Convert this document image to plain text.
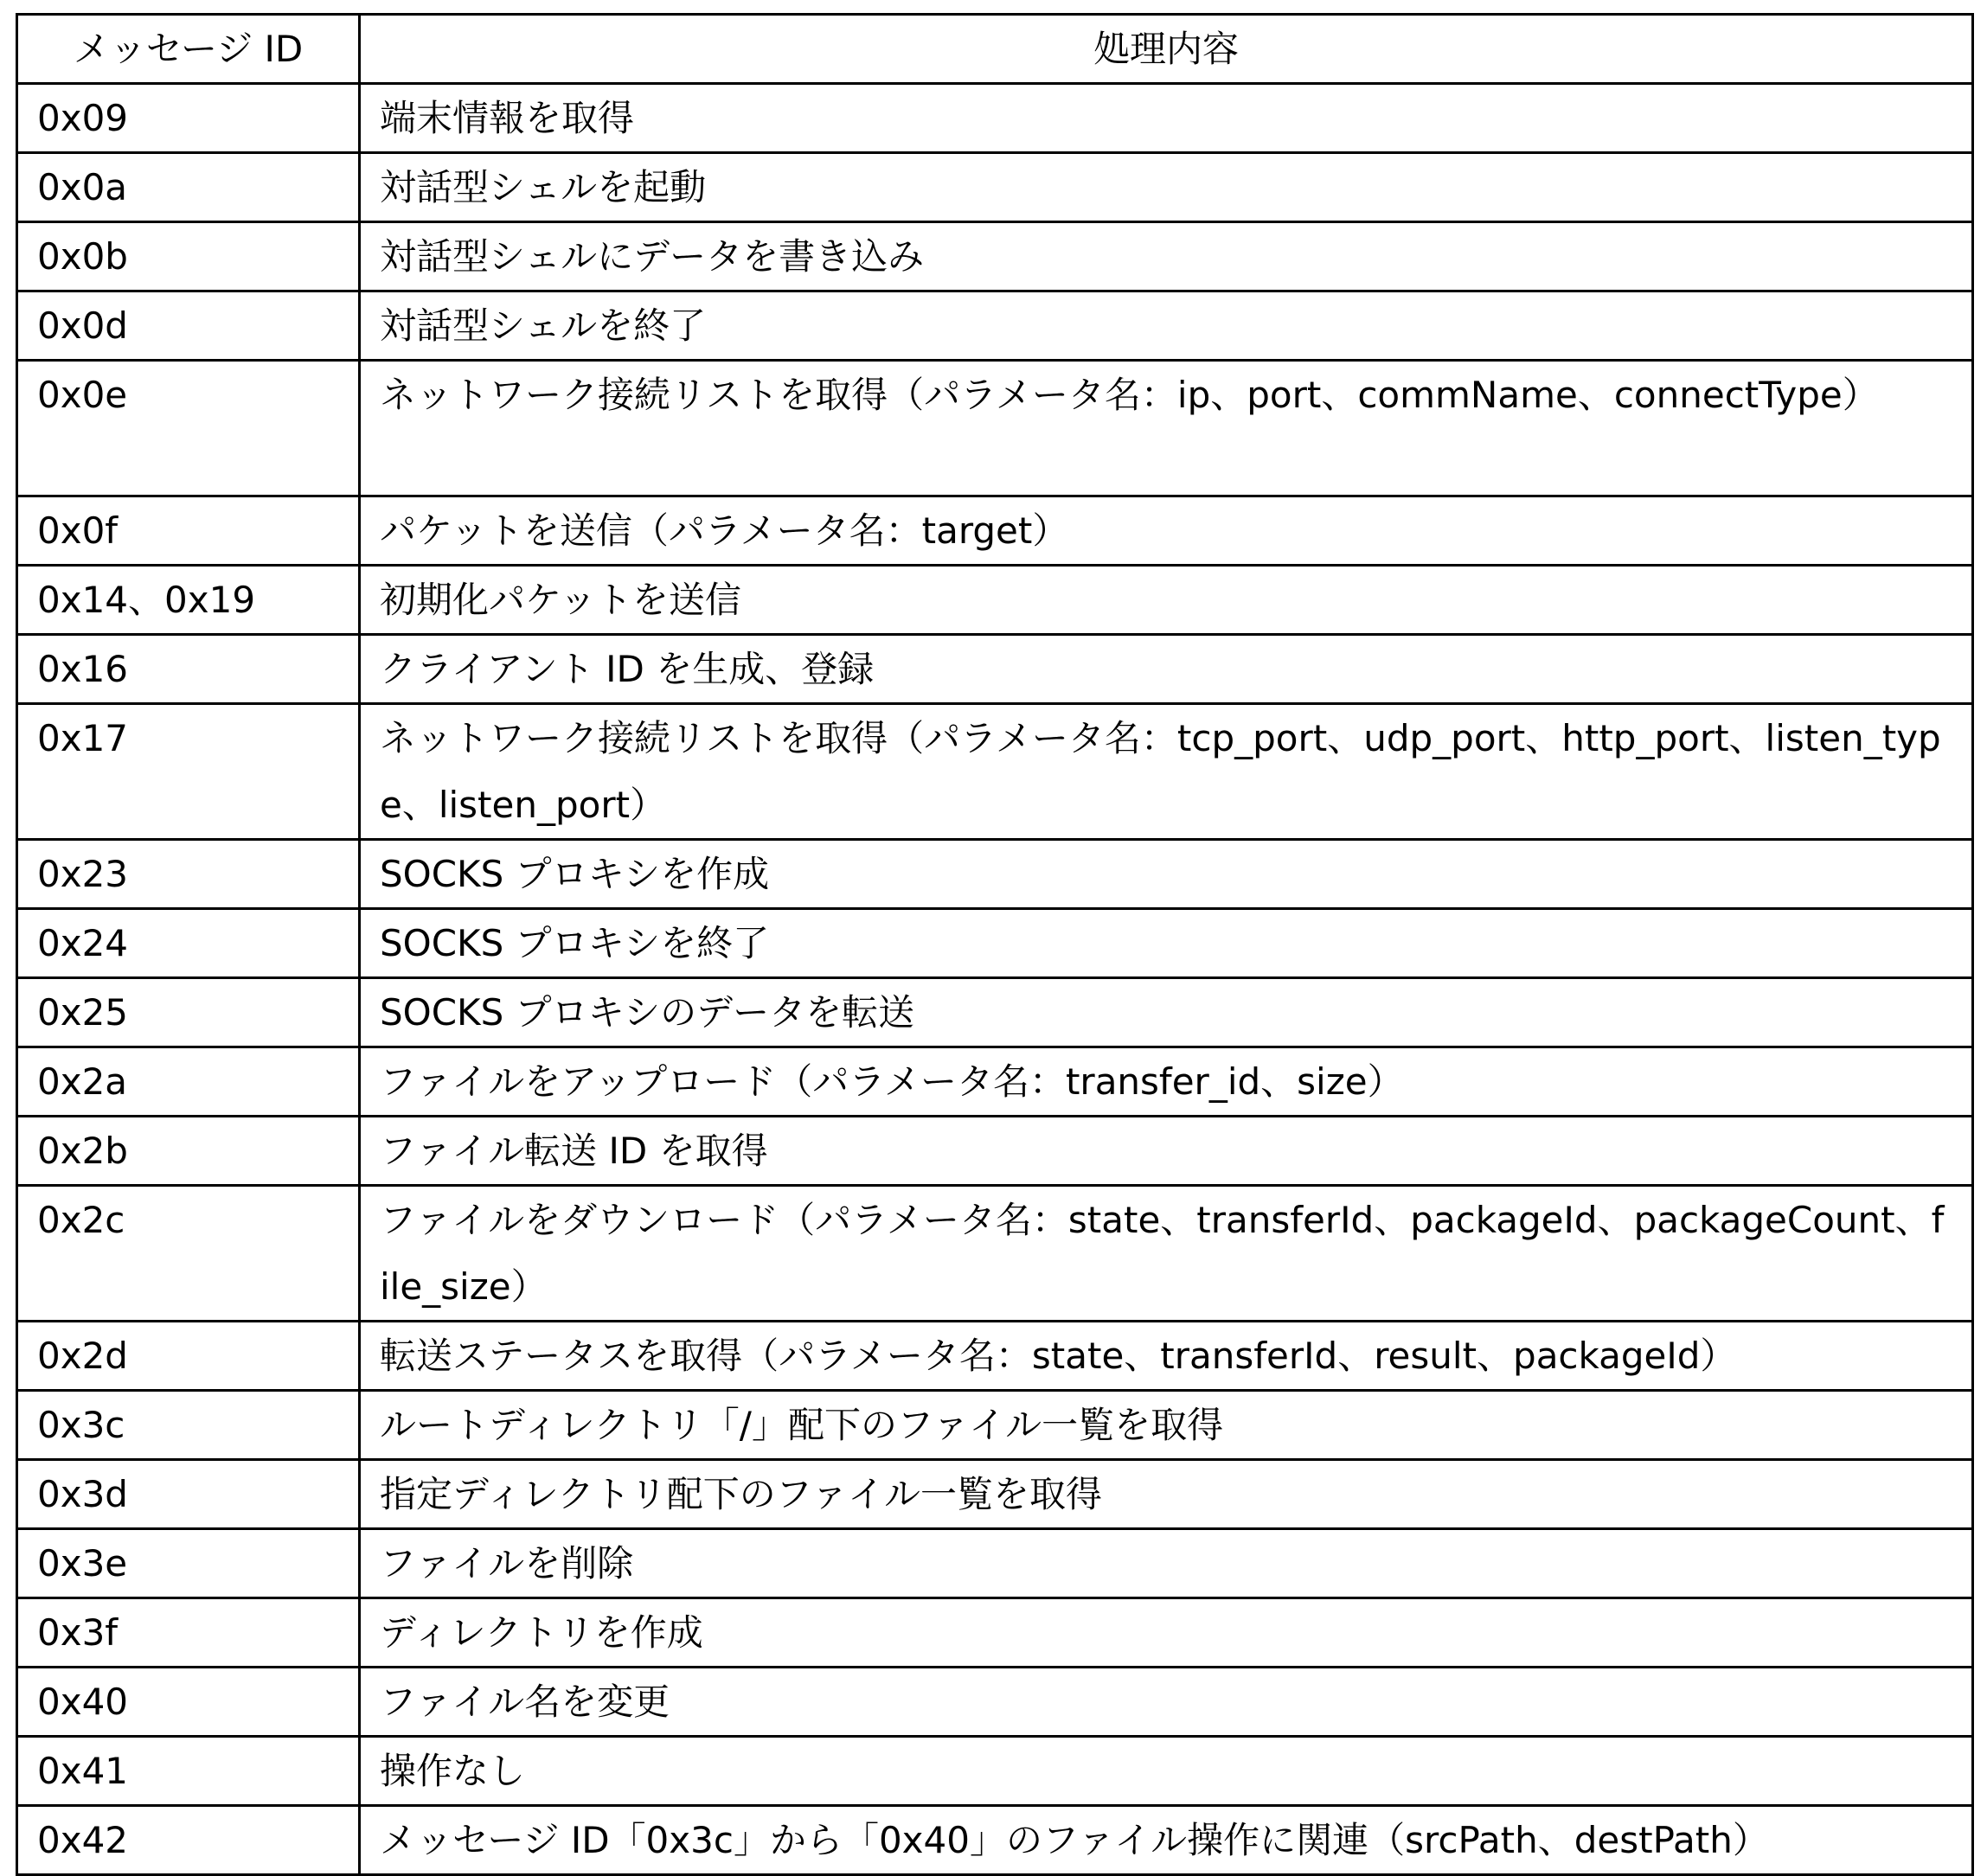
メッセージ ID	処理内容
0x09	端末情報を取得
0x0a	対話型シェルを起動
0x0b	対話型シェルにデータを書き込み
0x0d	対話型シェルを終了
0x0e	ネットワーク接続リストを取得（パラメータ名：ip、port、commName、connectType）
0x0f	パケットを送信（パラメータ名：target）
0x14、0x19	初期化パケットを送信
0x16	クライアント ID を生成、登録
0x17	ネットワーク接続リストを取得（パラメータ名：tcp_port、udp_port、http_port、listen_type、listen_port）
0x23	SOCKS プロキシを作成
0x24	SOCKS プロキシを終了
0x25	SOCKS プロキシのデータを転送
0x2a	ファイルをアップロード（パラメータ名：transfer_id、size）
0x2b	ファイル転送 ID を取得
0x2c	ファイルをダウンロード（パラメータ名：state、transferId、packageId、packageCount、file_size）
0x2d	転送ステータスを取得（パラメータ名：state、transferId、result、packageId）
0x3c	ルートディレクトリ「/」配下のファイル一覧を取得
0x3d	指定ディレクトリ配下のファイル一覧を取得
0x3e	ファイルを削除
0x3f	ディレクトリを作成
0x40	ファイル名を変更
0x41	操作なし
0x42	メッセージ ID「0x3c」から「0x40」のファイル操作に関連（srcPath、destPath）
